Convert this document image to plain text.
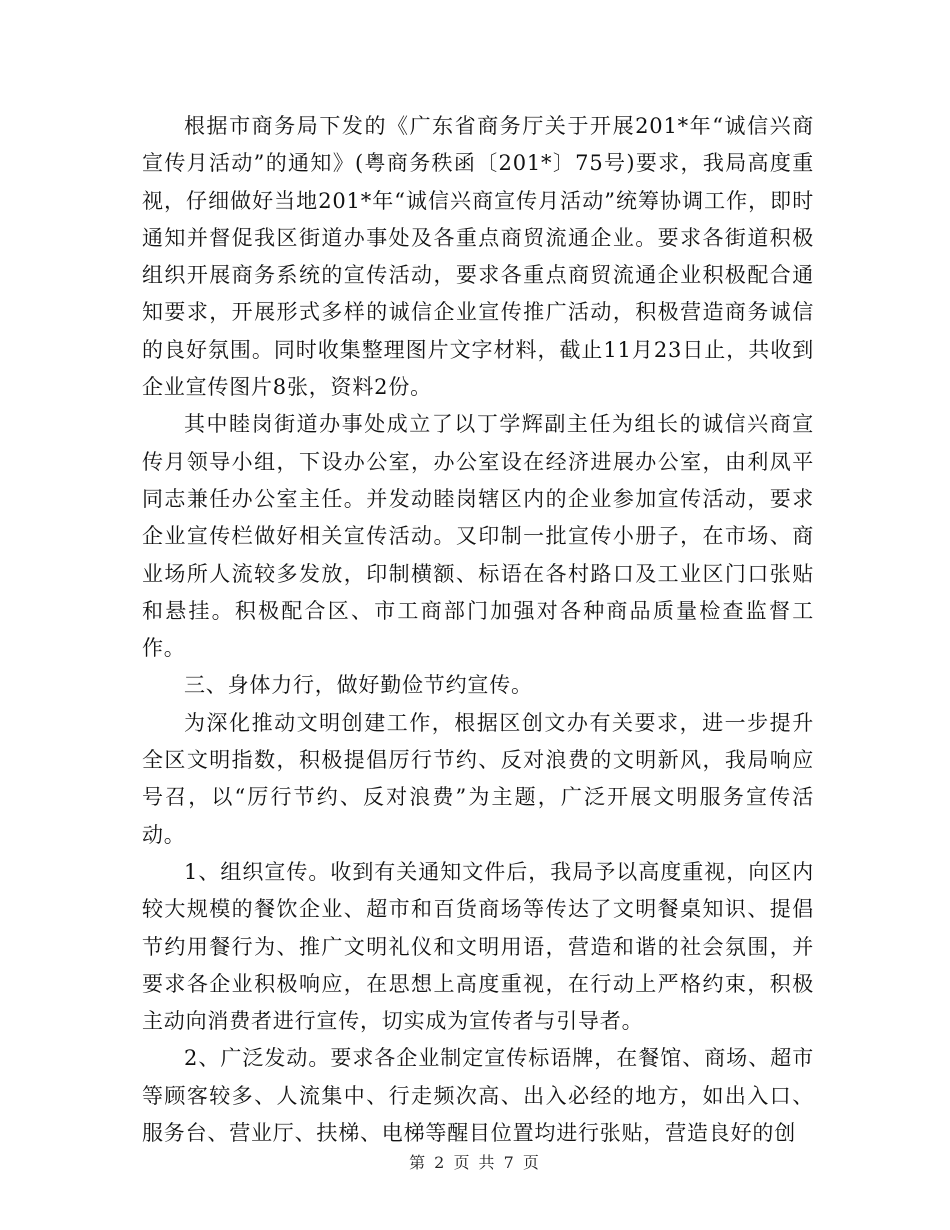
根据市商务局下发的《广东省商务厅关于开展201*年“诚信兴商宣传月活动”的通知》(粤商务秩函〔201*〕75号)要求，我局高度重视，仔细做好当地201*年“诚信兴商宣传月活动”统筹协调工作，即时通知并督促我区街道办事处及各重点商贸流通企业。要求各街道积极组织开展商务系统的宣传活动，要求各重点商贸流通企业积极配合通知要求，开展形式多样的诚信企业宣传推广活动，积极营造商务诚信的良好氛围。同时收集整理图片文字材料，截止11月23日止，共收到企业宣传图片8张，资料2份。

其中睦岗街道办事处成立了以丁学辉副主任为组长的诚信兴商宣传月领导小组，下设办公室，办公室设在经济进展办公室，由利凤平同志兼任办公室主任。并发动睦岗辖区内的企业参加宣传活动，要求企业宣传栏做好相关宣传活动。又印制一批宣传小册子，在市场、商业场所人流较多发放，印制横额、标语在各村路口及工业区门口张贴和悬挂。积极配合区、市工商部门加强对各种商品质量检查监督工作。

三、身体力行，做好勤俭节约宣传。

为深化推动文明创建工作，根据区创文办有关要求，进一步提升全区文明指数，积极提倡厉行节约、反对浪费的文明新风，我局响应号召，以“厉行节约、反对浪费”为主题，广泛开展文明服务宣传活动。

1、组织宣传。收到有关通知文件后，我局予以高度重视，向区内较大规模的餐饮企业、超市和百货商场等传达了文明餐桌知识、提倡节约用餐行为、推广文明礼仪和文明用语，营造和谐的社会氛围，并要求各企业积极响应，在思想上高度重视，在行动上严格约束，积极主动向消费者进行宣传，切实成为宣传者与引导者。

2、广泛发动。要求各企业制定宣传标语牌，在餐馆、商场、超市等顾客较多、人流集中、行走频次高、出入必经的地方，如出入口、服务台、营业厅、扶梯、电梯等醒目位置均进行张贴，营造良好的创

第 2 页 共 7 页
